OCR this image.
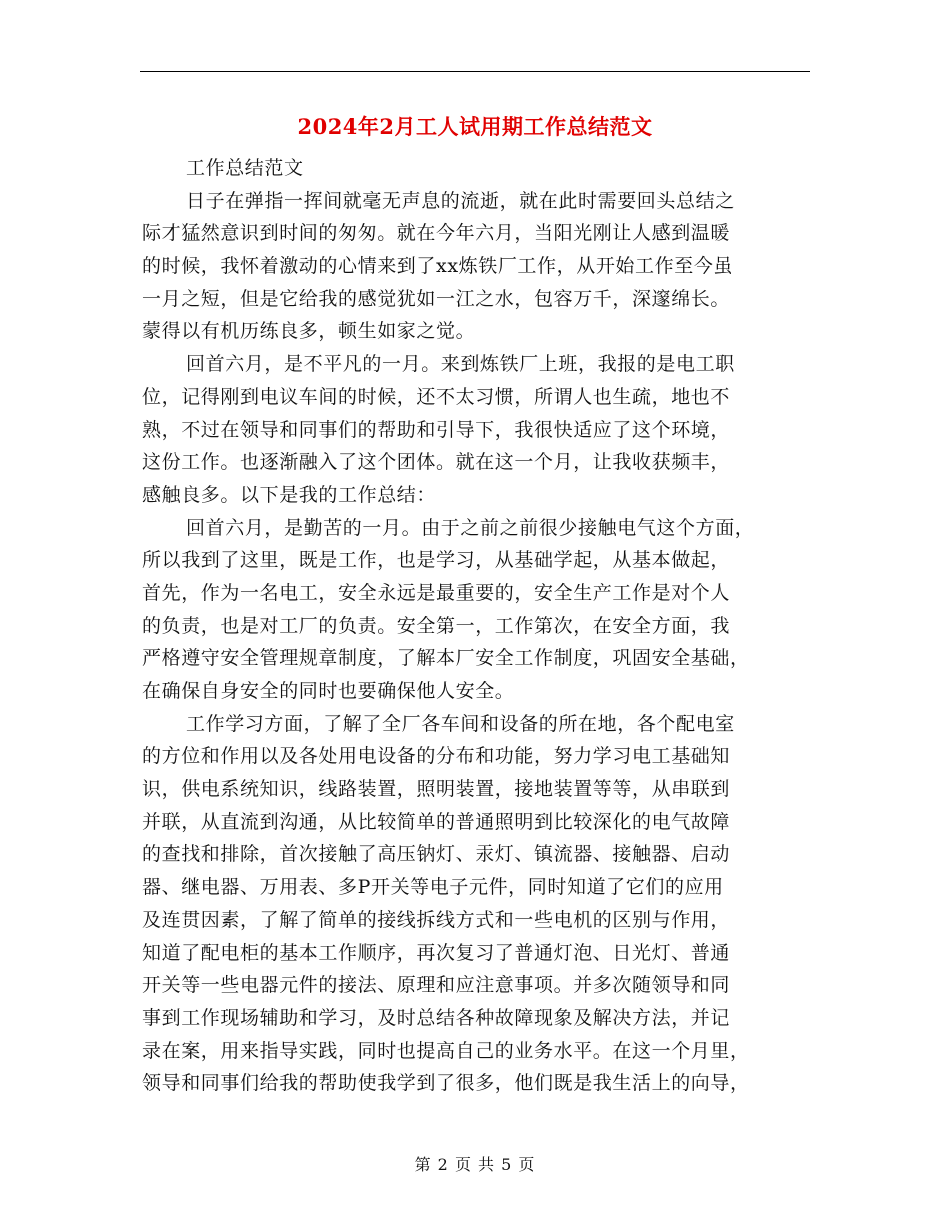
2024年2月工人试用期工作总结范文
工作总结范文
日子在弹指一挥间就毫无声息的流逝，就在此时需要回头总结之
际才猛然意识到时间的匆匆。就在今年六月，当阳光刚让人感到温暖
的时候，我怀着激动的心情来到了xx炼铁厂工作，从开始工作至今虽
一月之短，但是它给我的感觉犹如一江之水，包容万千，深邃绵长。
蒙得以有机历练良多，顿生如家之觉。
回首六月，是不平凡的一月。来到炼铁厂上班，我报的是电工职
位，记得刚到电议车间的时候，还不太习惯，所谓人也生疏，地也不
熟，不过在领导和同事们的帮助和引导下，我很快适应了这个环境，
这份工作。也逐渐融入了这个团体。就在这一个月，让我收获频丰，
感触良多。以下是我的工作总结：
回首六月，是勤苦的一月。由于之前之前很少接触电气这个方面，
所以我到了这里，既是工作，也是学习，从基础学起，从基本做起，
首先，作为一名电工，安全永远是最重要的，安全生产工作是对个人
的负责，也是对工厂的负责。安全第一，工作第次，在安全方面，我
严格遵守安全管理规章制度，了解本厂安全工作制度，巩固安全基础，
在确保自身安全的同时也要确保他人安全。
工作学习方面，了解了全厂各车间和设备的所在地，各个配电室
的方位和作用以及各处用电设备的分布和功能，努力学习电工基础知
识，供电系统知识，线路装置，照明装置，接地装置等等，从串联到
并联，从直流到沟通，从比较简单的普通照明到比较深化的电气故障
的查找和排除，首次接触了高压钠灯、汞灯、镇流器、接触器、启动
器、继电器、万用表、多P开关等电子元件，同时知道了它们的应用
及连贯因素，了解了简单的接线拆线方式和一些电机的区别与作用，
知道了配电柜的基本工作顺序，再次复习了普通灯泡、日光灯、普通
开关等一些电器元件的接法、原理和应注意事项。并多次随领导和同
事到工作现场辅助和学习，及时总结各种故障现象及解决方法，并记
录在案，用来指导实践，同时也提高自己的业务水平。在这一个月里，
领导和同事们给我的帮助使我学到了很多，他们既是我生活上的向导，
第 2 页 共 5 页
